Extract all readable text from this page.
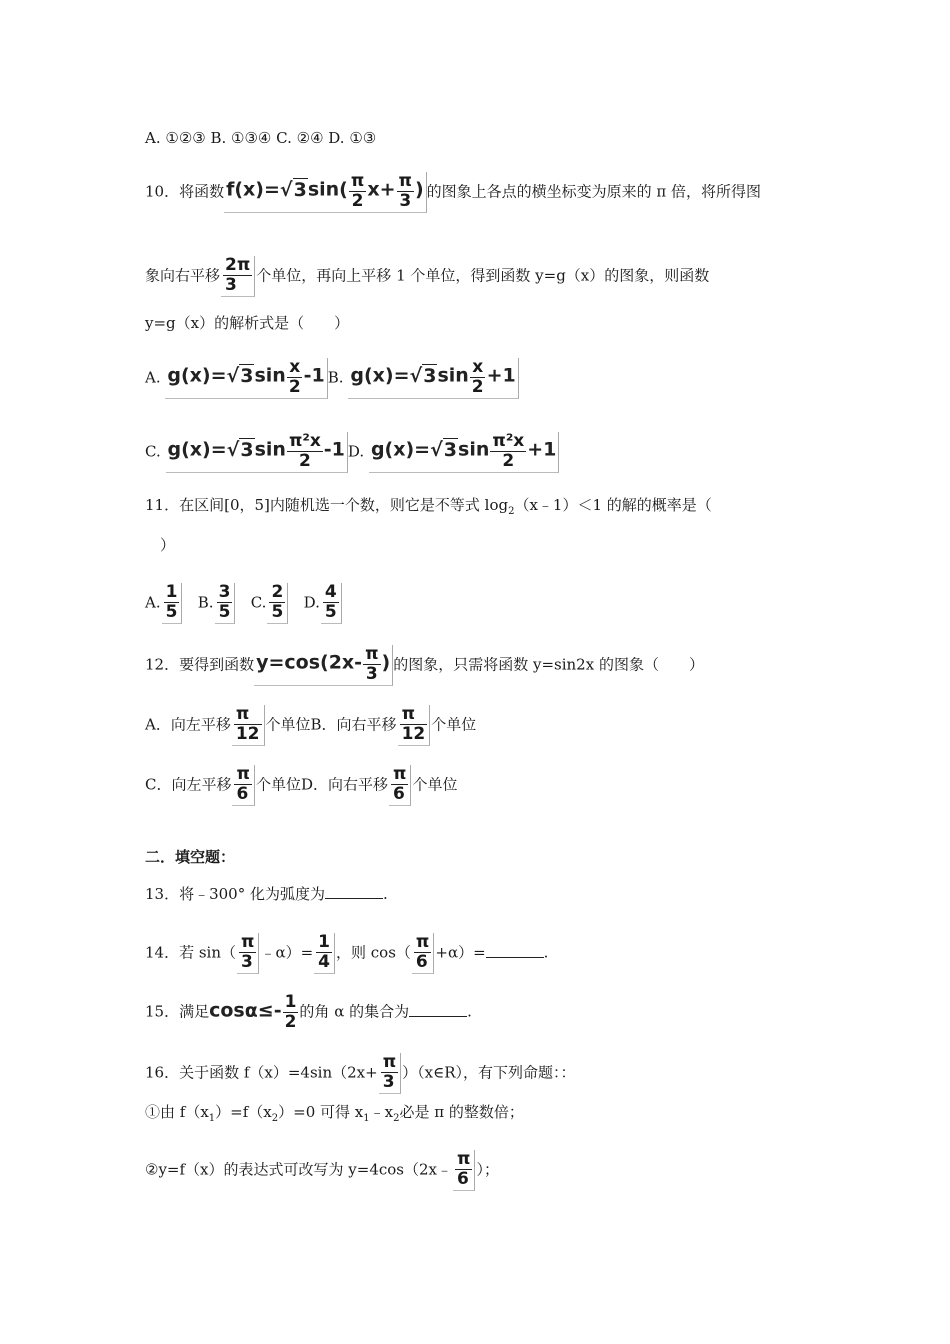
A. ①②③ B. ①③④ C. ②④ D. ①③
10．将函数 $f(x)=√3\sin( \frac{\pi}{2} x+ \frac{\pi}{3}$ ) 的图象上各点的横坐标变为原来的 π 倍，将所得图
象向右平移 $\frac{2\pi}{3}$ 个单位，再向上平移 1 个单位，得到函数 y=g（x）的图象，则函数
y=g（x）的解析式是（　　）
A. $g(x)=√3\sin \frac{x}{2} -1$ B. $g(x)=√3\sin \frac{x}{2} +1$
C. $g(x)=√3\sin \frac{\text{π²x}}{2} -1$ D. $g(x)=√3\sin \frac{\text{π²x}}{2} +1$
11．在区间[0，5]内随机选一个数，则它是不等式 $\log_2(x﹣1)<1$ 的解的概率是（
）
A. $\frac{1}{5} B$. $\frac{3}{5} C$. $\frac{2}{5} D$. $\frac{4}{5}$
12．要得到函数 $y=\cos(2x- \frac{\pi}{3}$ ) 的图象，只需将函数 y=sin2x 的图象（　　）
A．向左平移 $\frac{\pi}{12}$ 个单位B．向右平移 $\frac{\pi}{12}$ 个单位
C．向左平移 $\frac{\pi}{6}$ 个单位D．向右平移 $\frac{\pi}{6}$ 个单位
二．填空题：
13．将﹣300° 化为弧度为	.
14．若 $\sin( \frac{\pi}{3}$ ﹣α）= $\frac{1}{4}$ ，则 $\cos( \frac{\pi}{6} +\alpha)=$	.
15．满足$\cos\alpha\le- \frac{1}{2}$ 的角 α 的集合为	.
16．关于函数 $f(x)=4\sin(2x+ \frac{\pi}{3}$ ）（x∈R），有下列命题：：
①由 $f(x_1)=f(x_2)=0$ 可得 $x_1﹣x_2$必是 π 的整数倍；
②y=f（x）的表达式可改写为 y=4cos（2x﹣ $\frac{\pi}{6}$ ）；
